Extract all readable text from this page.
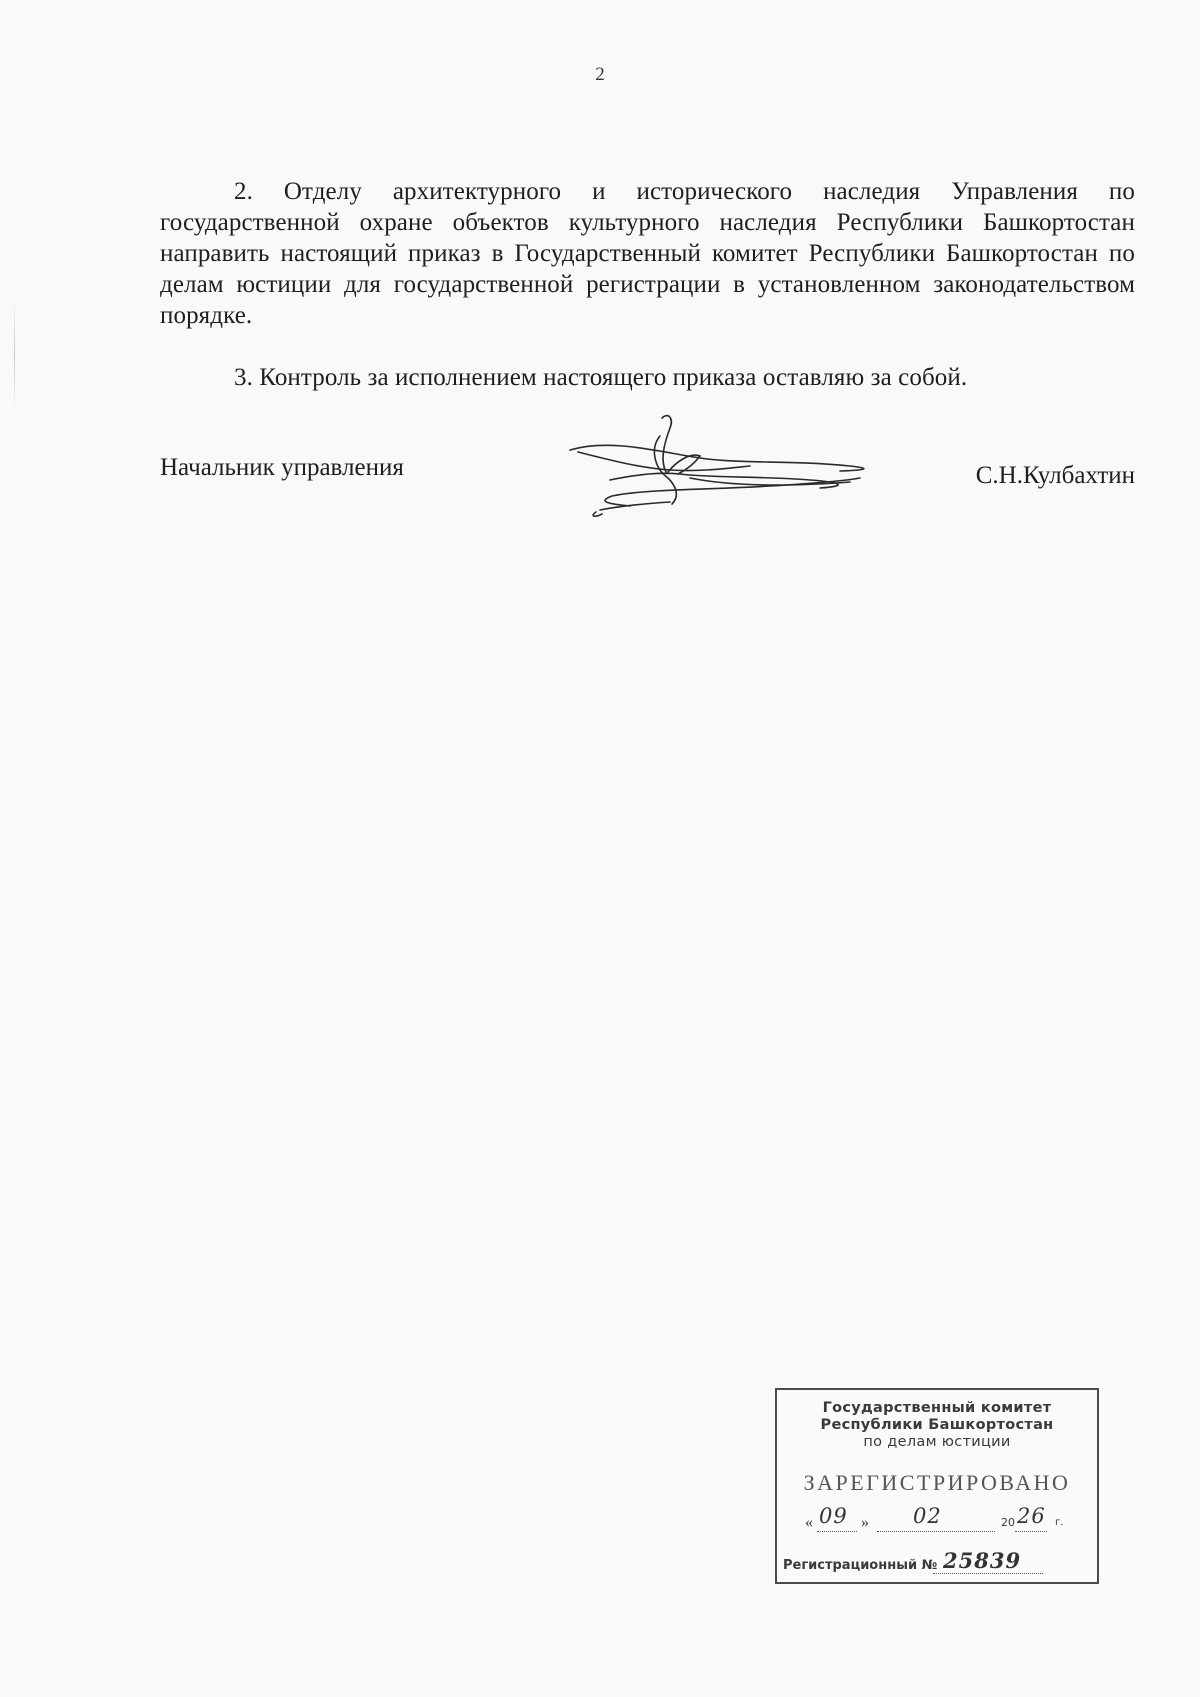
2

2. Отделу архитектурного и исторического наследия Управления по государственной охране объектов культурного наследия Республики Башкортостан направить настоящий приказ в Государственный комитет Республики Башкортостан по делам юстиции для государственной регистрации в установленном законодательством порядке.

3. Контроль за исполнением настоящего приказа оставляю за собой.

Начальник управления	С.Н.Кулбахтин
Государственный комитет
Республики Башкортостан
по делам юстиции
ЗАРЕГИСТРИРОВАНО
« 09 » 02	20 26 г.
Регистрационный № 25839
